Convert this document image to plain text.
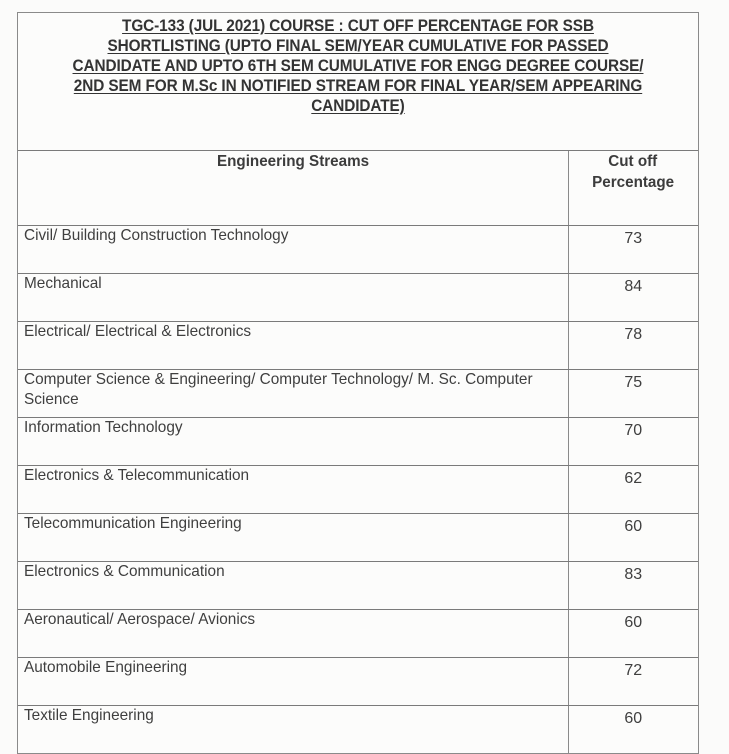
TGC-133 (JUL 2021) COURSE : CUT OFF PERCENTAGE FOR SSB
SHORTLISTING (UPTO FINAL SEM/YEAR CUMULATIVE FOR PASSED
CANDIDATE AND UPTO 6TH SEM CUMULATIVE FOR ENGG DEGREE COURSE/
2ND SEM FOR M.Sc IN NOTIFIED STREAM FOR FINAL YEAR/SEM APPEARING
CANDIDATE)
Engineering Streams	Cut off
Percentage
Civil/ Building Construction Technology	73
Mechanical	84
Electrical/ Electrical & Electronics	78
Computer Science & Engineering/ Computer Technology/ M. Sc. Computer Science	75
Information Technology	70
Electronics & Telecommunication	62
Telecommunication Engineering	60
Electronics & Communication	83
Aeronautical/ Aerospace/ Avionics	60
Automobile Engineering	72
Textile Engineering	60
